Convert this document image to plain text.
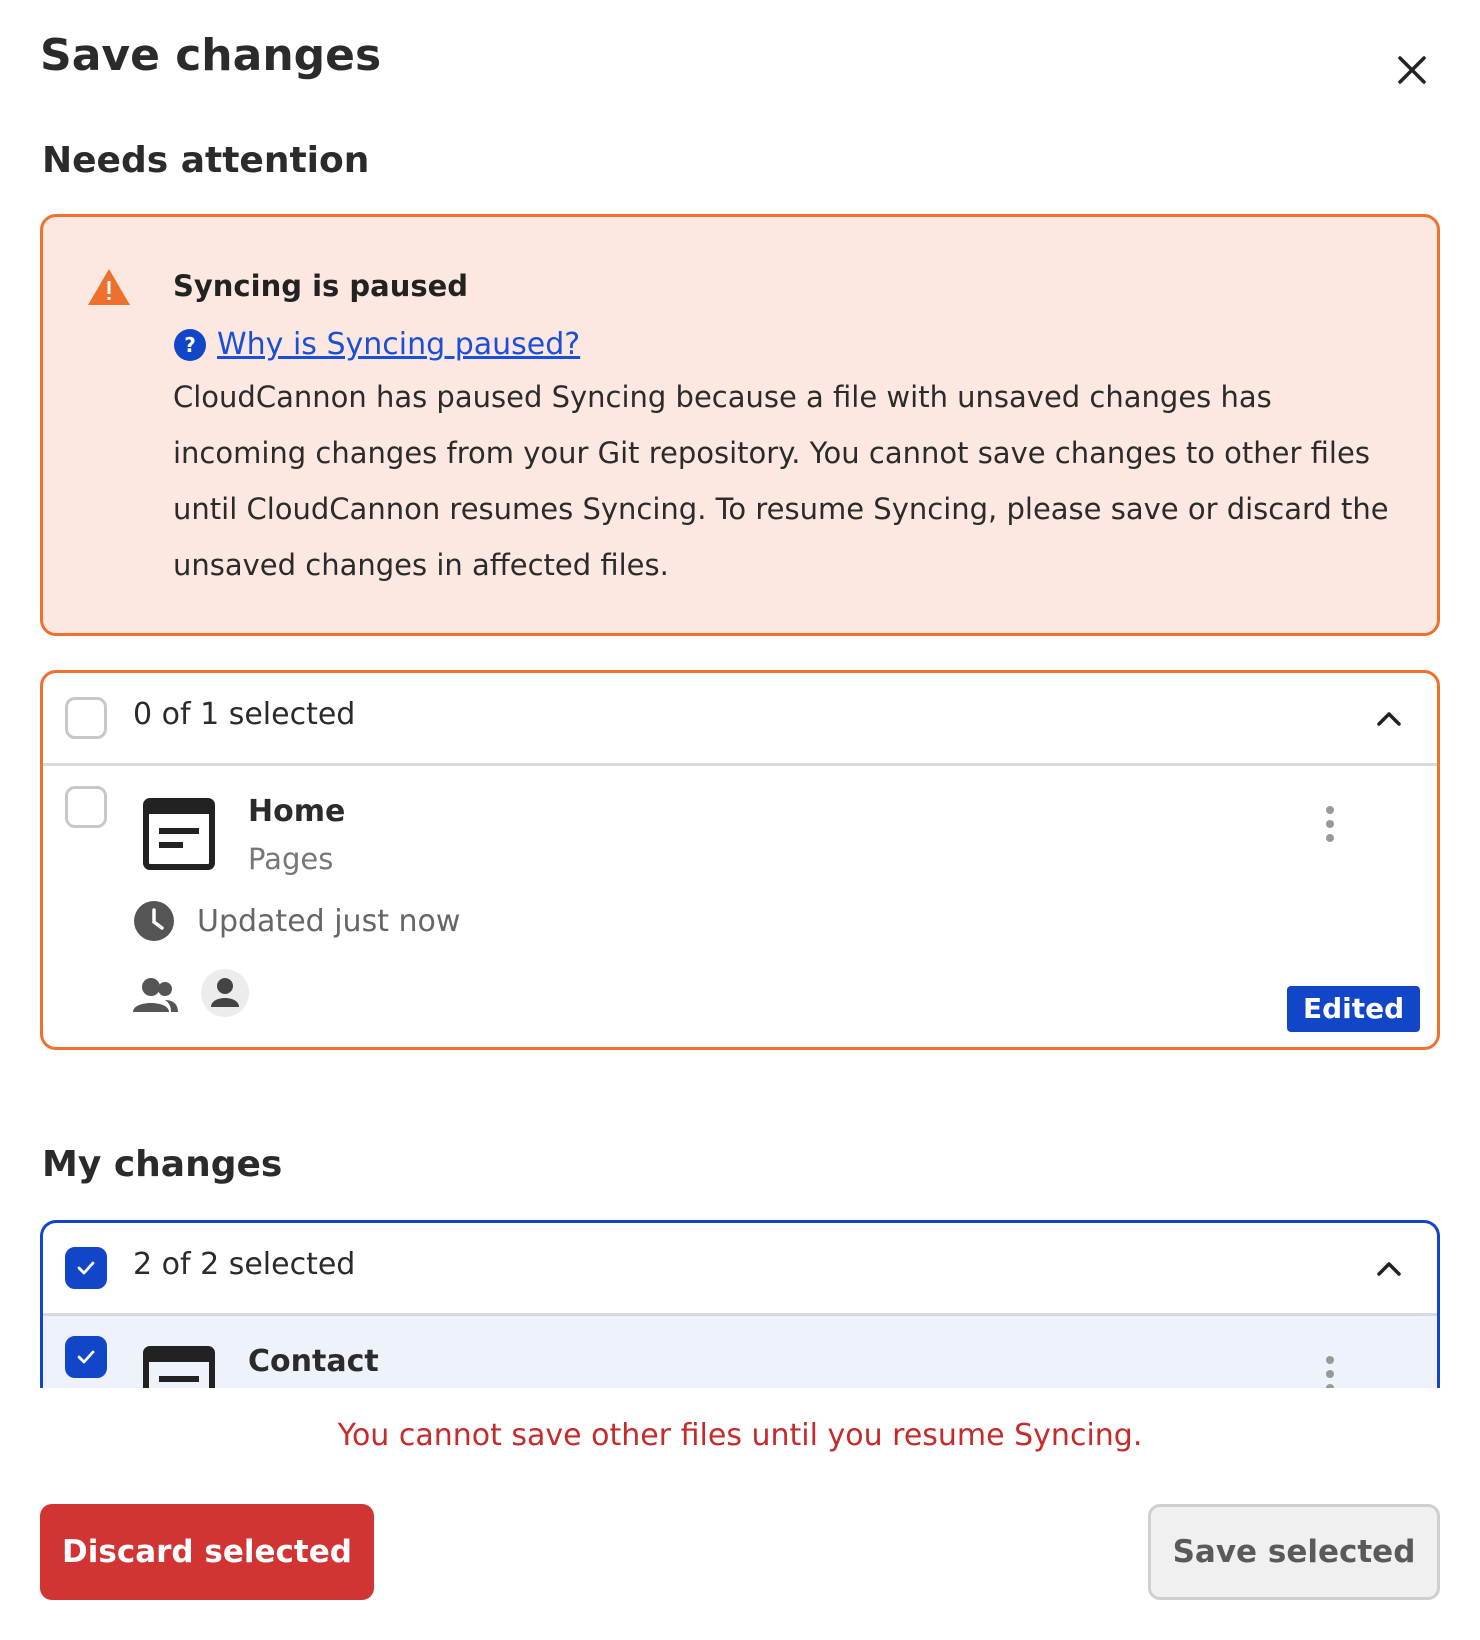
Save changes
Needs attention
Syncing is paused
? Why is Syncing paused?
CloudCannon has paused Syncing because a file with unsaved changes has incoming changes from your Git repository. You cannot save changes to other files until CloudCannon resumes Syncing. To resume Syncing, please save or discard the unsaved changes in affected files.
0 of 1 selected
Home
Pages
Updated just now
Edited
My changes
2 of 2 selected
Contact
You cannot save other files until you resume Syncing.
Discard selected	Save selected
